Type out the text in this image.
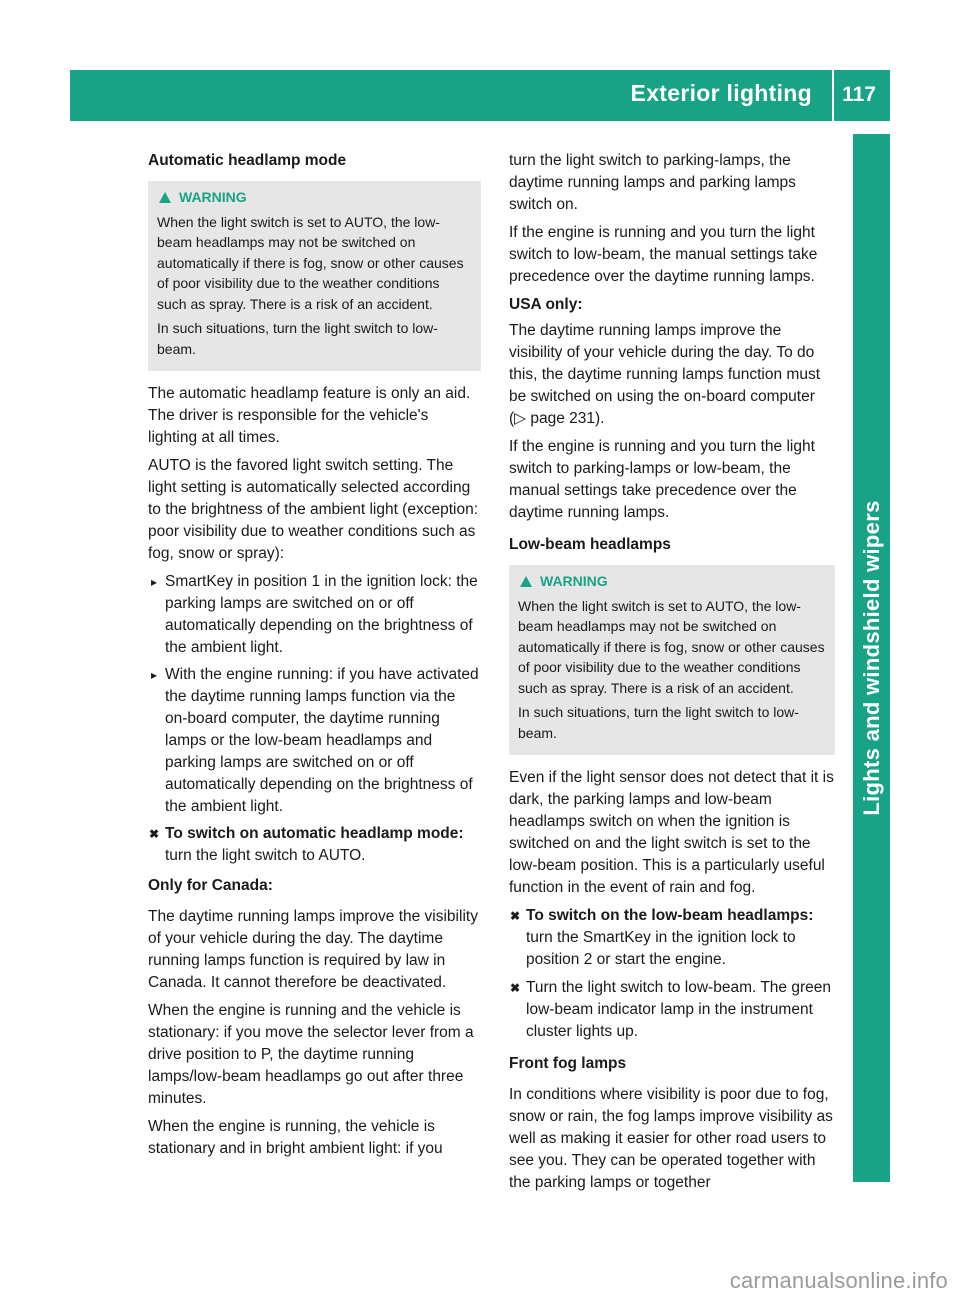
Exterior lighting 117
Lights and windshield wipers

Automatic headlamp mode

WARNING

When the light switch is set to AUTO, the low-beam headlamps may not be switched on automatically if there is fog, snow or other causes of poor visibility due to the weather conditions such as spray. There is a risk of an accident.

In such situations, turn the light switch to low-beam.

The automatic headlamp feature is only an aid. The driver is responsible for the vehicle's lighting at all times.

AUTO is the favored light switch setting. The light setting is automatically selected according to the brightness of the ambient light (exception: poor visibility due to weather conditions such as fog, snow or spray):

▸ SmartKey in position 1 in the ignition lock: the parking lamps are switched on or off automatically depending on the brightness of the ambient light.
▸ With the engine running: if you have activated the daytime running lamps function via the on-board computer, the daytime running lamps or the low-beam headlamps and parking lamps are switched on or off automatically depending on the brightness of the ambient light.
✖ To switch on automatic headlamp mode: turn the light switch to AUTO.

Only for Canada:

The daytime running lamps improve the visibility of your vehicle during the day. The daytime running lamps function is required by law in Canada. It cannot therefore be deactivated.

When the engine is running and the vehicle is stationary: if you move the selector lever from a drive position to P, the daytime running lamps/low-beam headlamps go out after three minutes.

When the engine is running, the vehicle is stationary and in bright ambient light: if you

turn the light switch to parking-lamps, the daytime running lamps and parking lamps switch on.

If the engine is running and you turn the light switch to low-beam, the manual settings take precedence over the daytime running lamps.

USA only:

The daytime running lamps improve the visibility of your vehicle during the day. To do this, the daytime running lamps function must be switched on using the on-board computer (▷ page 231).

If the engine is running and you turn the light switch to parking-lamps or low-beam, the manual settings take precedence over the daytime running lamps.

Low-beam headlamps

WARNING

When the light switch is set to AUTO, the low-beam headlamps may not be switched on automatically if there is fog, snow or other causes of poor visibility due to the weather conditions such as spray. There is a risk of an accident.

In such situations, turn the light switch to low-beam.

Even if the light sensor does not detect that it is dark, the parking lamps and low-beam headlamps switch on when the ignition is switched on and the light switch is set to the low-beam position. This is a particularly useful function in the event of rain and fog.

✖ To switch on the low-beam headlamps: turn the SmartKey in the ignition lock to position 2 or start the engine.
✖ Turn the light switch to low-beam. The green low-beam indicator lamp in the instrument cluster lights up.

Front fog lamps

In conditions where visibility is poor due to fog, snow or rain, the fog lamps improve visibility as well as making it easier for other road users to see you. They can be operated together with the parking lamps or together

carmanualsonline.info
